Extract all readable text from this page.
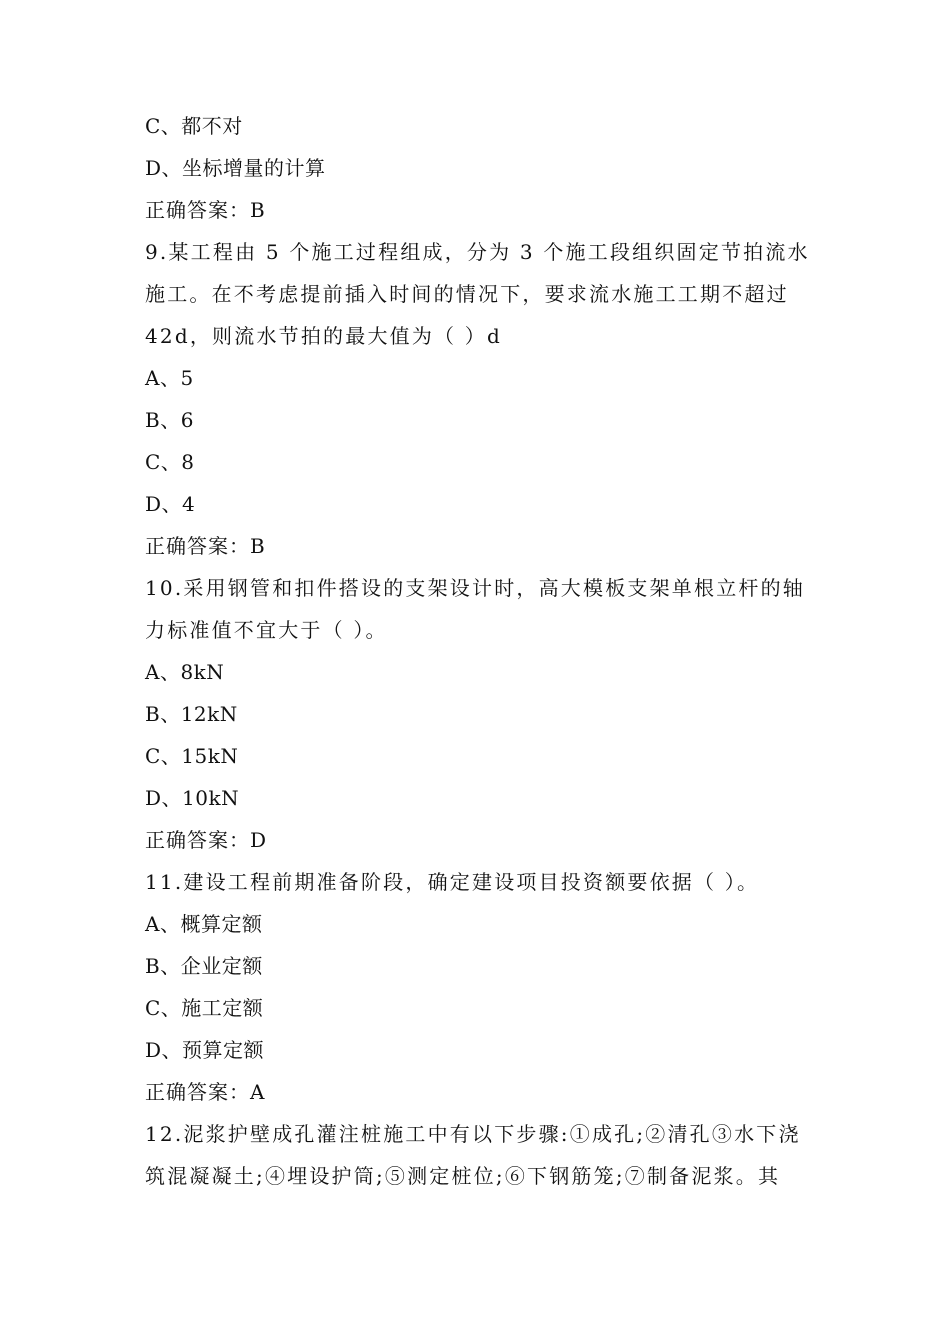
C、都不对
D、坐标增量的计算
正确答案：B
9.某工程由 5 个施工过程组成，分为 3 个施工段组织固定节拍流水
施工。在不考虑提前插入时间的情况下，要求流水施工工期不超过
42d，则流水节拍的最大值为（ ）d
A、5
B、6
C、8
D、4
正确答案：B
10.采用钢管和扣件搭设的支架设计时，高大模板支架单根立杆的轴
力标准值不宜大于（ ）。
A、8kN
B、12kN
C、15kN
D、10kN
正确答案：D
11.建设工程前期准备阶段，确定建设项目投资额要依据（ ）。
A、概算定额
B、企业定额
C、施工定额
D、预算定额
正确答案：A
12.泥浆护壁成孔灌注桩施工中有以下步骤:①成孔;②清孔③水下浇
筑混凝凝土;④埋设护筒;⑤测定桩位;⑥下钢筋笼;⑦制备泥浆。其
